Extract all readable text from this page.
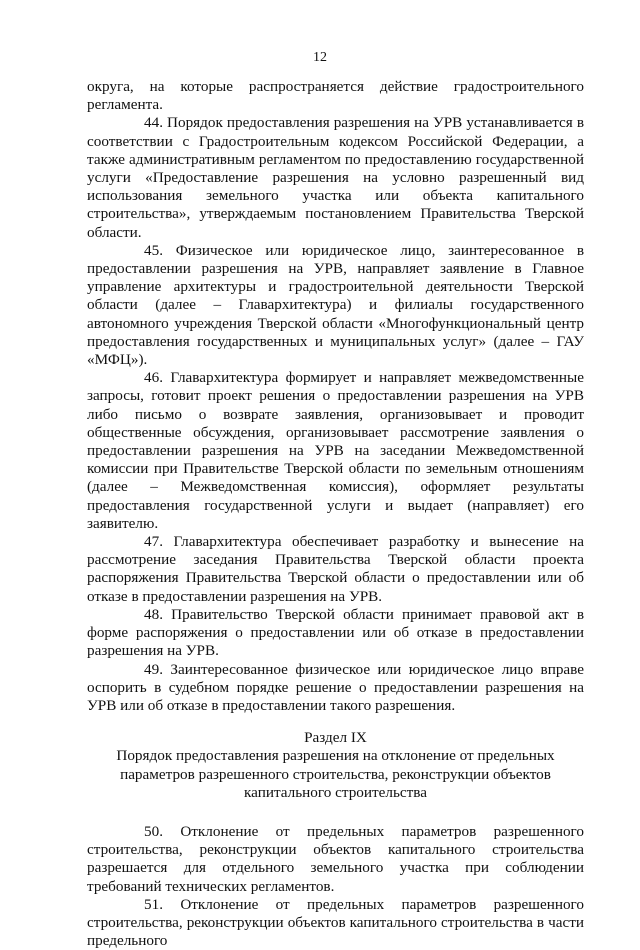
12

округа, на которые распространяется действие градостроительного регламента.

44. Порядок предоставления разрешения на УРВ устанавливается в соответствии с Градостроительным кодексом Российской Федерации, а также административным регламентом по предоставлению государственной услуги «Предоставление разрешения на условно разрешенный вид использования земельного участка или объекта капитального строительства», утверждаемым постановлением Правительства Тверской области.

45. Физическое или юридическое лицо, заинтересованное в предоставлении разрешения на УРВ, направляет заявление в Главное управление архитектуры и градостроительной деятельности Тверской области (далее – Главархитектура) и филиалы государственного автономного учреждения Тверской области «Многофункциональный центр предоставления государственных и муниципальных услуг» (далее – ГАУ «МФЦ»).

46. Главархитектура формирует и направляет межведомственные запросы, готовит проект решения о предоставлении разрешения на УРВ либо письмо о возврате заявления, организовывает и проводит общественные обсуждения, организовывает рассмотрение заявления о предоставлении разрешения на УРВ на заседании Межведомственной комиссии при Правительстве Тверской области по земельным отношениям (далее – Межведомственная комиссия), оформляет результаты предоставления государственной услуги и выдает (направляет) его заявителю.

47. Главархитектура обеспечивает разработку и вынесение на рассмотрение заседания Правительства Тверской области проекта распоряжения Правительства Тверской области о предоставлении или об отказе в предоставлении разрешения на УРВ.

48. Правительство Тверской области принимает правовой акт в форме распоряжения о предоставлении или об отказе в предоставлении разрешения на УРВ.

49. Заинтересованное физическое или юридическое лицо вправе оспорить в судебном порядке решение о предоставлении разрешения на УРВ или об отказе в предоставлении такого разрешения.

Раздел IX

Порядок предоставления разрешения на отклонение от предельных параметров разрешенного строительства, реконструкции объектов капитального строительства

50. Отклонение от предельных параметров разрешенного строительства, реконструкции объектов капитального строительства разрешается для отдельного земельного участка при соблюдении требований технических регламентов.

51. Отклонение от предельных параметров разрешенного строительства, реконструкции объектов капитального строительства в части предельного
